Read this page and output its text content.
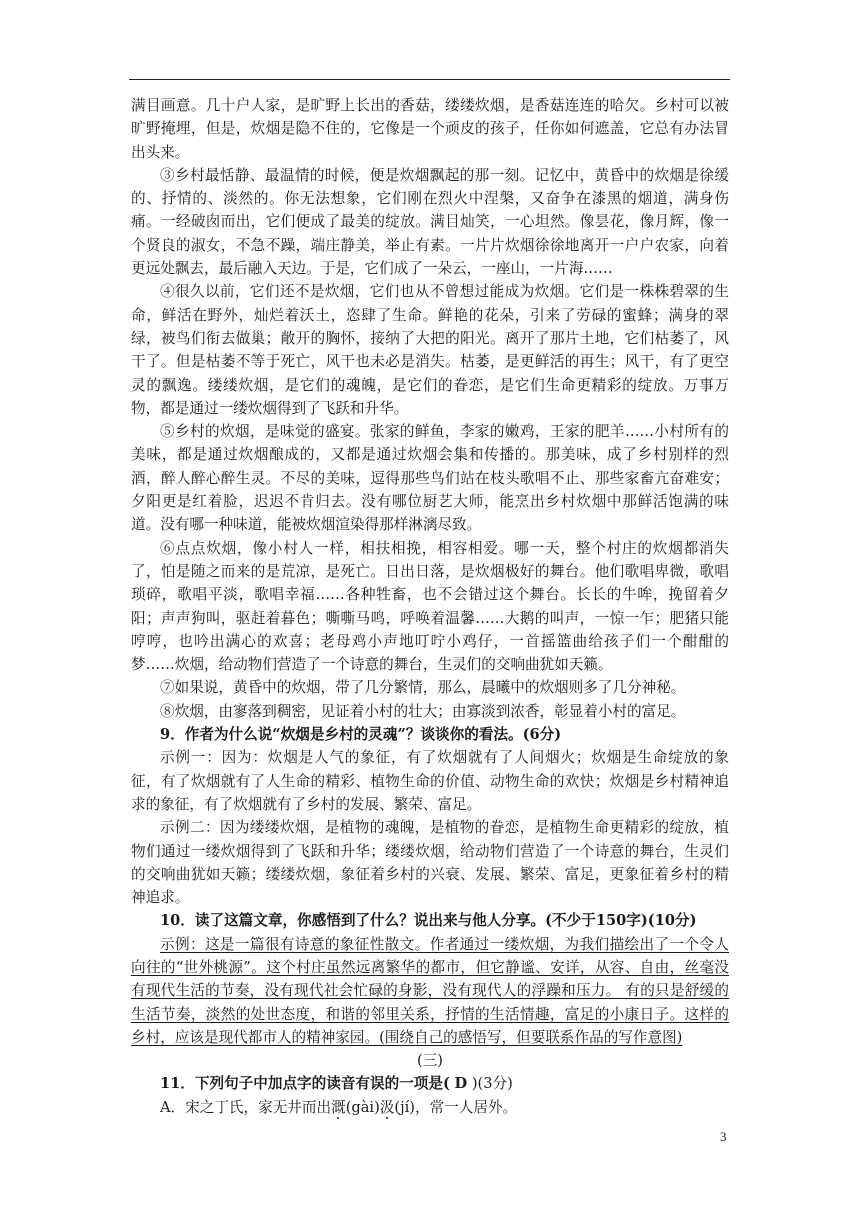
满目画意。几十户人家，是旷野上长出的香菇，缕缕炊烟，是香菇连连的哈欠。乡村可以被旷野掩埋，但是，炊烟是隐不住的，它像是一个顽皮的孩子，任你如何遮盖，它总有办法冒出头来。

③乡村最恬静、最温情的时候，便是炊烟飘起的那一刻。记忆中，黄昏中的炊烟是徐缓的、抒情的、淡然的。你无法想象，它们刚在烈火中涅槃，又奋争在漆黑的烟道，满身伤痛。一经破囱而出，它们便成了最美的绽放。满目灿笑，一心坦然。像昙花，像月辉，像一个贤良的淑女，不急不躁，端庄静美，举止有素。一片片炊烟徐徐地离开一户户农家，向着更远处飘去，最后融入天边。于是，它们成了一朵云，一座山，一片海……

④很久以前，它们还不是炊烟，它们也从不曾想过能成为炊烟。它们是一株株碧翠的生命，鲜活在野外，灿烂着沃土，恣肆了生命。鲜艳的花朵，引来了劳碌的蜜蜂；满身的翠绿，被鸟们衔去做巢；敞开的胸怀，接纳了大把的阳光。离开了那片土地，它们枯萎了，风干了。但是枯萎不等于死亡，风干也未必是消失。枯萎，是更鲜活的再生；风干，有了更空灵的飘逸。缕缕炊烟，是它们的魂魄，是它们的眷恋，是它们生命更精彩的绽放。万事万物，都是通过一缕炊烟得到了飞跃和升华。

⑤乡村的炊烟，是味觉的盛宴。张家的鲜鱼，李家的嫩鸡，王家的肥羊……小村所有的美味，都是通过炊烟酿成的，又都是通过炊烟会集和传播的。那美味，成了乡村别样的烈酒，醉人醉心醉生灵。不尽的美味，逗得那些鸟们站在枝头歌唱不止、那些家畜亢奋难安；夕阳更是红着脸，迟迟不肯归去。没有哪位厨艺大师，能烹出乡村炊烟中那鲜活饱满的味道。没有哪一种味道，能被炊烟渲染得那样淋漓尽致。

⑥点点炊烟，像小村人一样，相扶相挽，相容相爱。哪一天，整个村庄的炊烟都消失了，怕是随之而来的是荒凉，是死亡。日出日落，是炊烟极好的舞台。他们歌唱卑微，歌唱琐碎，歌唱平淡，歌唱幸福……各种牲畜，也不会错过这个舞台。长长的牛哞，挽留着夕阳；声声狗叫，驱赶着暮色；嘶嘶马鸣，呼唤着温馨……大鹅的叫声，一惊一乍；肥猪只能哼哼，也吟出满心的欢喜；老母鸡小声地叮咛小鸡仔，一首摇篮曲给孩子们一个酣酣的梦……炊烟，给动物们营造了一个诗意的舞台，生灵们的交响曲犹如天籁。

⑦如果说，黄昏中的炊烟，带了几分繁情，那么，晨曦中的炊烟则多了几分神秘。

⑧炊烟，由寥落到稠密，见证着小村的壮大；由寡淡到浓香，彰显着小村的富足。

9．作者为什么说“炊烟是乡村的灵魂”？谈谈你的看法。(6分)

示例一：因为：炊烟是人气的象征，有了炊烟就有了人间烟火；炊烟是生命绽放的象征，有了炊烟就有了人生命的精彩、植物生命的价值、动物生命的欢快；炊烟是乡村精神追求的象征，有了炊烟就有了乡村的发展、繁荣、富足。

示例二：因为缕缕炊烟，是植物的魂魄，是植物的眷恋，是植物生命更精彩的绽放，植物们通过一缕炊烟得到了飞跃和升华；缕缕炊烟，给动物们营造了一个诗意的舞台，生灵们的交响曲犹如天籁；缕缕炊烟，象征着乡村的兴衰、发展、繁荣、富足，更象征着乡村的精神追求。

10．读了这篇文章，你感悟到了什么？说出来与他人分享。(不少于150字)(10分)

示例：这是一篇很有诗意的象征性散文。作者通过一缕炊烟，为我们描绘出了一个令人向往的“世外桃源”。这个村庄虽然远离繁华的都市，但它静谧、安详，从容、自由，丝毫没有现代生活的节奏，没有现代社会忙碌的身影，没有现代人的浮躁和压力。 有的只是舒缓的生活节奏，淡然的处世态度，和谐的邻里关系，抒情的生活情趣，富足的小康日子。这样的乡村，应该是现代都市人的精神家园。(围绕自己的感悟写，但要联系作品的写作意图)

(三)

11．下列句子中加点字的读音有误的一项是( D )(3分)

A．宋之丁氏，家无井而出溉(gài)汲(jí)，常一人居外。

3
